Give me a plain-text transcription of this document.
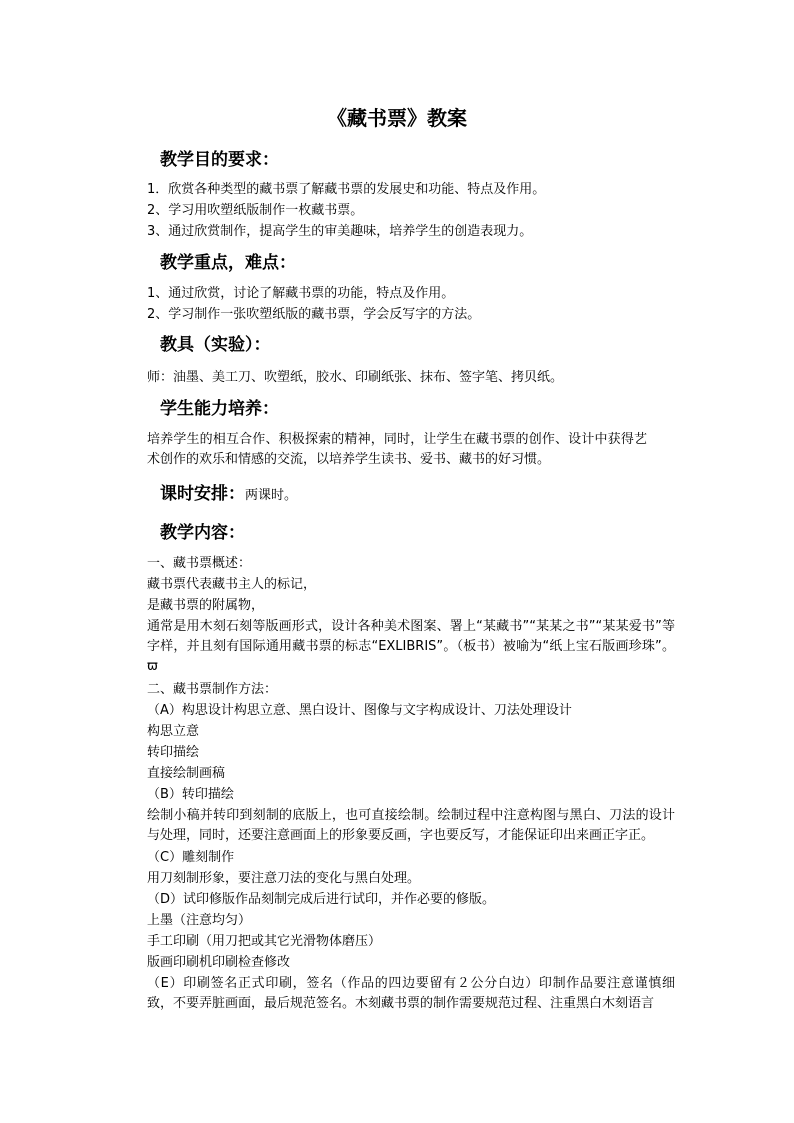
《藏书票》教案
教学目的要求：
1．欣赏各种类型的藏书票了解藏书票的发展史和功能、特点及作用。
2、学习用吹塑纸版制作一枚藏书票。
3、通过欣赏制作，提高学生的审美趣味，培养学生的创造表现力。
教学重点，难点：
1、通过欣赏，讨论了解藏书票的功能，特点及作用。
2、学习制作一张吹塑纸版的藏书票，学会反写字的方法。
教具（实验）：
师：油墨、美工刀、吹塑纸，胶水、印刷纸张、抹布、签字笔、拷贝纸。
学生能力培养：
培养学生的相互合作、积极探索的精神，同时，让学生在藏书票的创作、设计中获得艺术创作的欢乐和情感的交流，以培养学生读书、爱书、藏书的好习惯。
课时安排：两课时。
教学内容：
一、藏书票概述：
藏书票代表藏书主人的标记，
是藏书票的附属物，
通常是用木刻石刻等版画形式，设计各种美术图案、署上“某藏书”“某某之书”“某某爱书”等字样，并且刻有国际通用藏书票的标志“EXLIBRIS”。（板书）被喻为“纸上宝石版画珍珠”。ϖ
二、藏书票制作方法：
（A）构思设计构思立意、黑白设计、图像与文字构成设计、刀法处理设计
构思立意
转印描绘
直接绘制画稿
（B）转印描绘
绘制小稿并转印到刻制的底版上，也可直接绘制。绘制过程中注意构图与黑白、刀法的设计与处理，同时，还要注意画面上的形象要反画，字也要反写，才能保证印出来画正字正。
（C）雕刻制作
用刀刻制形象，要注意刀法的变化与黑白处理。
（D）试印修版作品刻制完成后进行试印，并作必要的修版。
上墨（注意均匀）
手工印刷（用刀把或其它光滑物体磨压）
版画印刷机印刷检查修改
（E）印刷签名正式印刷，签名（作品的四边要留有２公分白边）印制作品要注意谨慎细致，不要弄脏画面，最后规范签名。木刻藏书票的制作需要规范过程、注重黑白木刻语言
